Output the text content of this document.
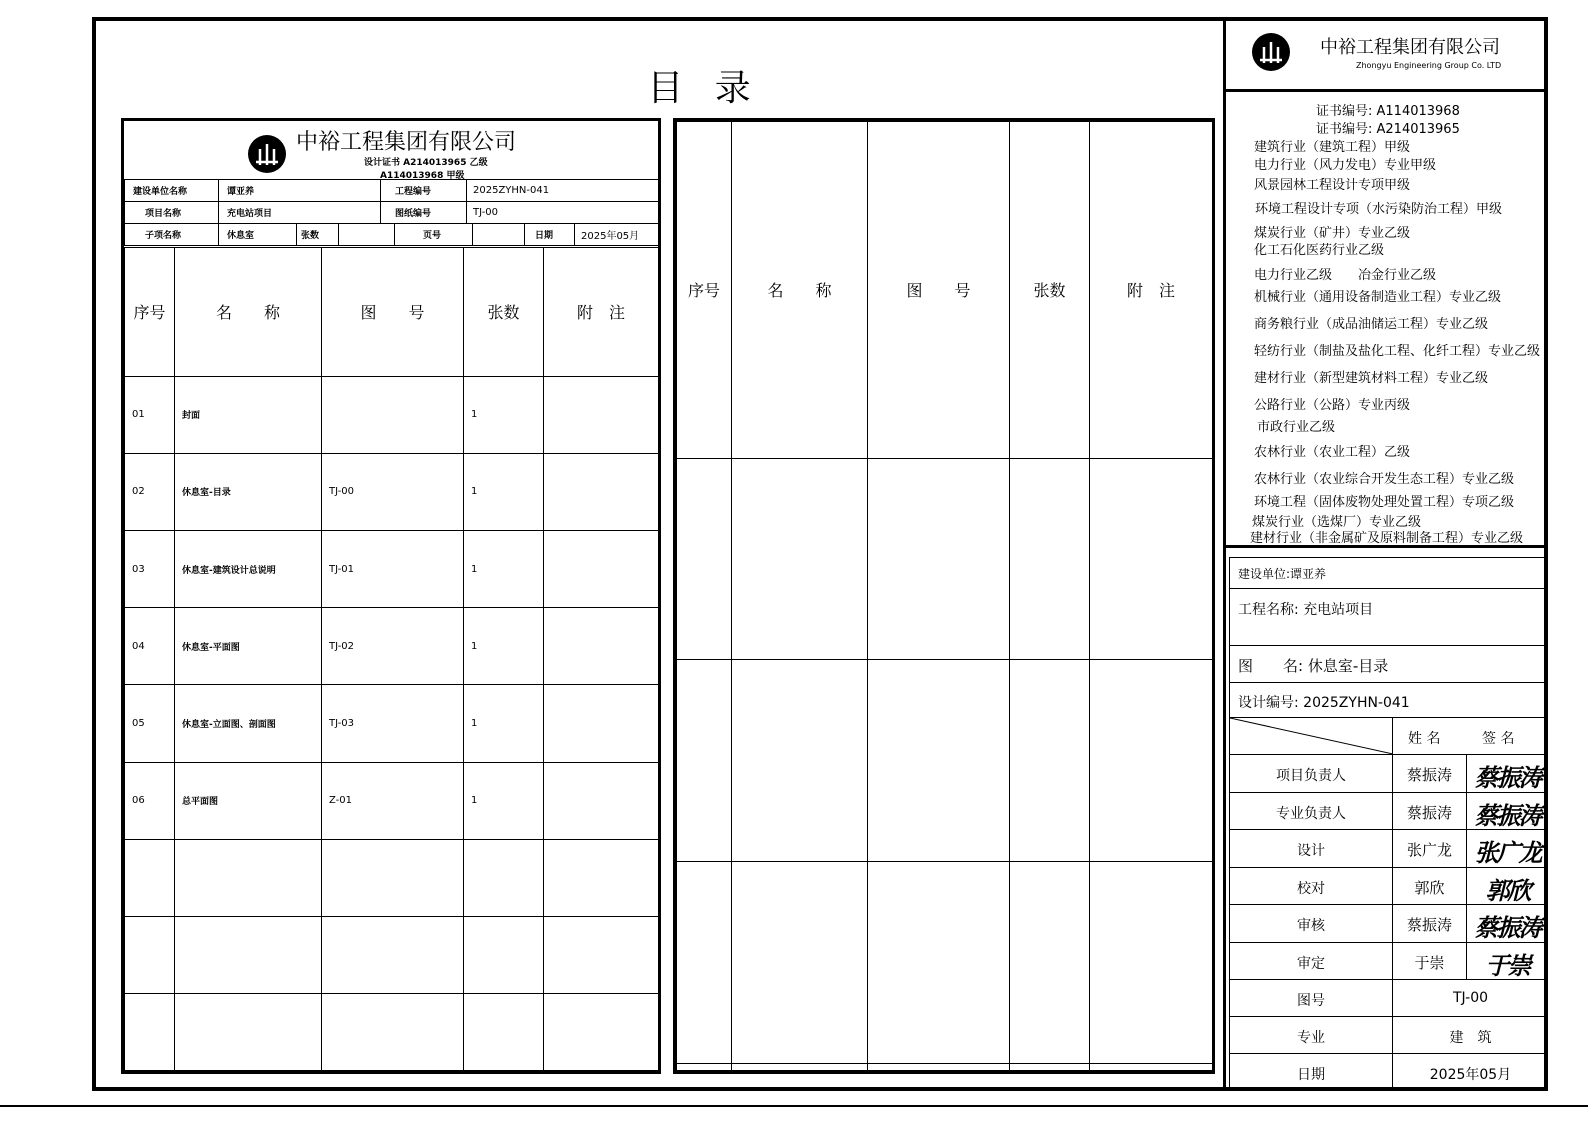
目 录
中裕工程集团有限公司
设计证书 A214013965 乙级
A114013968 甲级
建设单位名称	谭亚养	工程编号	2025ZYHN-041
项目名称	充电站项目	图纸编号	TJ-00
子项名称	休息室	张数		页号		日期	2025年05月
序号	名　　称	图　　号	张数	附　注
01	封面		1	
02	休息室-目录	TJ-00	1	
03	休息室-建筑设计总说明	TJ-01	1	
04	休息室-平面图	TJ-02	1	
05	休息室-立面图、剖面图	TJ-03	1	
06	总平面图	Z-01	1	

序号	名　　称	图　　号	张数	附　注

中裕工程集团有限公司
Zhongyu Engineering Group Co. LTD
证书编号: A114013968
证书编号: A214013965
建筑行业（建筑工程）甲级
电力行业（风力发电）专业甲级
风景园林工程设计专项甲级
环境工程设计专项（水污染防治工程）甲级
煤炭行业（矿井）专业乙级
化工石化医药行业乙级
电力行业乙级　　冶金行业乙级
机械行业（通用设备制造业工程）专业乙级
商务粮行业（成品油储运工程）专业乙级
轻纺行业（制盐及盐化工程、化纤工程）专业乙级
建材行业（新型建筑材料工程）专业乙级
公路行业（公路）专业丙级
市政行业乙级
农林行业（农业工程）乙级
农林行业（农业综合开发生态工程）专业乙级
环境工程（固体废物处理处置工程）专项乙级
煤炭行业（选煤厂）专业乙级
建材行业（非金属矿及原料制备工程）专业乙级
建设单位:谭亚养
工程名称: 充电站项目
图　　名: 休息室-目录
设计编号: 2025ZYHN-041
姓 名	签 名
项目负责人	蔡振涛 蔡振涛
专业负责人	蔡振涛 蔡振涛
设计	张广龙 张广龙
校对	郭欣	郭欣
审核	蔡振涛 蔡振涛
审定	于崇	于崇
图号	TJ-00
专业	建　筑
日期	2025年05月
